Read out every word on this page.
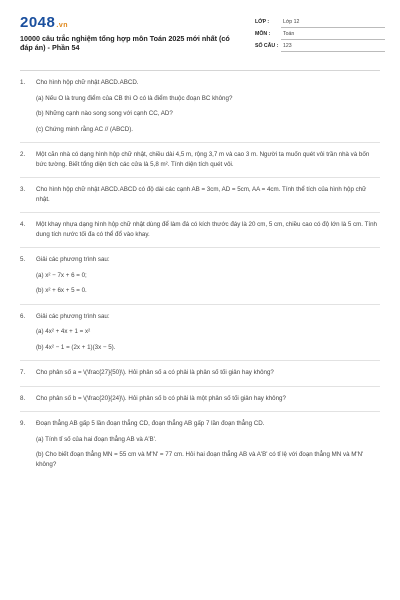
2048.vn
10000 câu trắc nghiệm tổng hợp môn Toán 2025 mới nhất (có đáp án) - Phần 54
LỚP :	Lớp 12
MÔN : Toán
SỐ CÂU : 123
1. Cho hình hộp chữ nhật ABCD.ABCD.
(a) Nếu O là trung điểm của CB thì O có là điểm thuộc đoạn BC không?
(b) Những cạnh nào song song với cạnh CC, AD?
(c) Chứng minh rằng AC // (ABCD).
2. Một căn nhà có dạng hình hộp chữ nhật, chiều dài 4,5 m, rộng 3,7 m và cao 3 m. Người ta muốn quét vôi trần nhà và bốn bức tường. Biết tổng diện tích các cửa là 5,8 m². Tính diện tích quét vôi.
3. Cho hình hộp chữ nhật ABCD.ABCD có độ dài các cạnh AB = 3cm, AD = 5cm, AA = 4cm. Tính thể tích của hình hộp chữ nhật.
4. Một khay nhựa dạng hình hộp chữ nhật dùng để làm đá có kích thước đáy là 20 cm, 5 cm, chiều cao có độ lớn là 5 cm. Tính dung tích nước tối đa có thể đổ vào khay.
5. Giải các phương trình sau:
(a) x² − 7x + 6 = 0;
(b) x² + 6x + 5 = 0.
6. Giải các phương trình sau:
(a) 4x² + 4x + 1 = x²
(b) 4x² − 1 = (2x + 1)(3x − 5).
7. Cho phân số a = \(\frac{27}{50}\). Hỏi phân số a có phải là phân số tối giản hay không?
8. Cho phân số b = \(\frac{20}{24}\). Hỏi phân số b có phải là một phân số tối giản hay không?
9. Đoạn thẳng AB gấp 5 lần đoạn thẳng CD, đoạn thẳng AB gấp 7 lần đoạn thẳng CD.
(a) Tính tỉ số của hai đoạn thẳng AB và A'B'.
(b) Cho biết đoạn thẳng MN = 55 cm và M'N' = 77 cm. Hỏi hai đoạn thẳng AB và A'B' có tỉ lệ với đoạn thẳng MN và M'N' không?
